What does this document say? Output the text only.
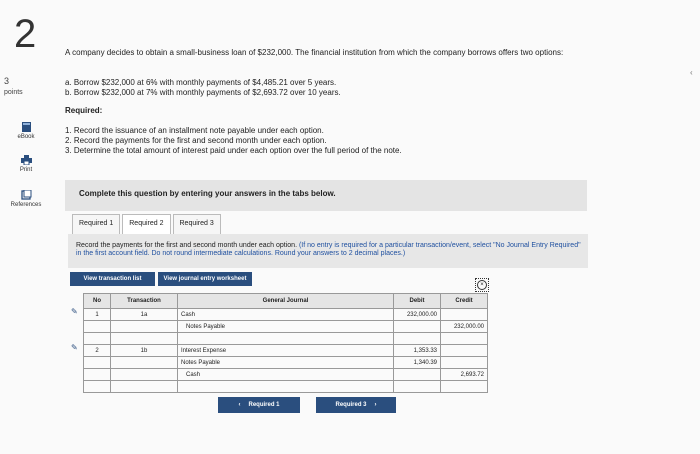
2
3
points
eBook
Print
References
A company decides to obtain a small-business loan of $232,000. The financial institution from which the company borrows offers two options:
a. Borrow $232,000 at 6% with monthly payments of $4,485.21 over 5 years.
b. Borrow $232,000 at 7% with monthly payments of $2,693.72 over 10 years.
Required:
1. Record the issuance of an installment note payable under each option.
2. Record the payments for the first and second month under each option.
3. Determine the total amount of interest paid under each option over the full period of the note.
Complete this question by entering your answers in the tabs below.
Required 1	Required 2	Required 3
Record the payments for the first and second month under each option. (If no entry is required for a particular transaction/event, select "No Journal Entry Required" in the first account field. Do not round intermediate calculations. Round your answers to 2 decimal places.)
View transaction list	View journal entry worksheet
×
✎
✎
No	Transaction	General Journal	Debit	Credit
1	1a	Cash	232,000.00	
		Notes Payable		232,000.00

2	1b	Interest Expense	1,353.33	
		Notes Payable	1,340.39	
		Cash		2,693.72

‹ Required 1	Required 3 ›
‹
